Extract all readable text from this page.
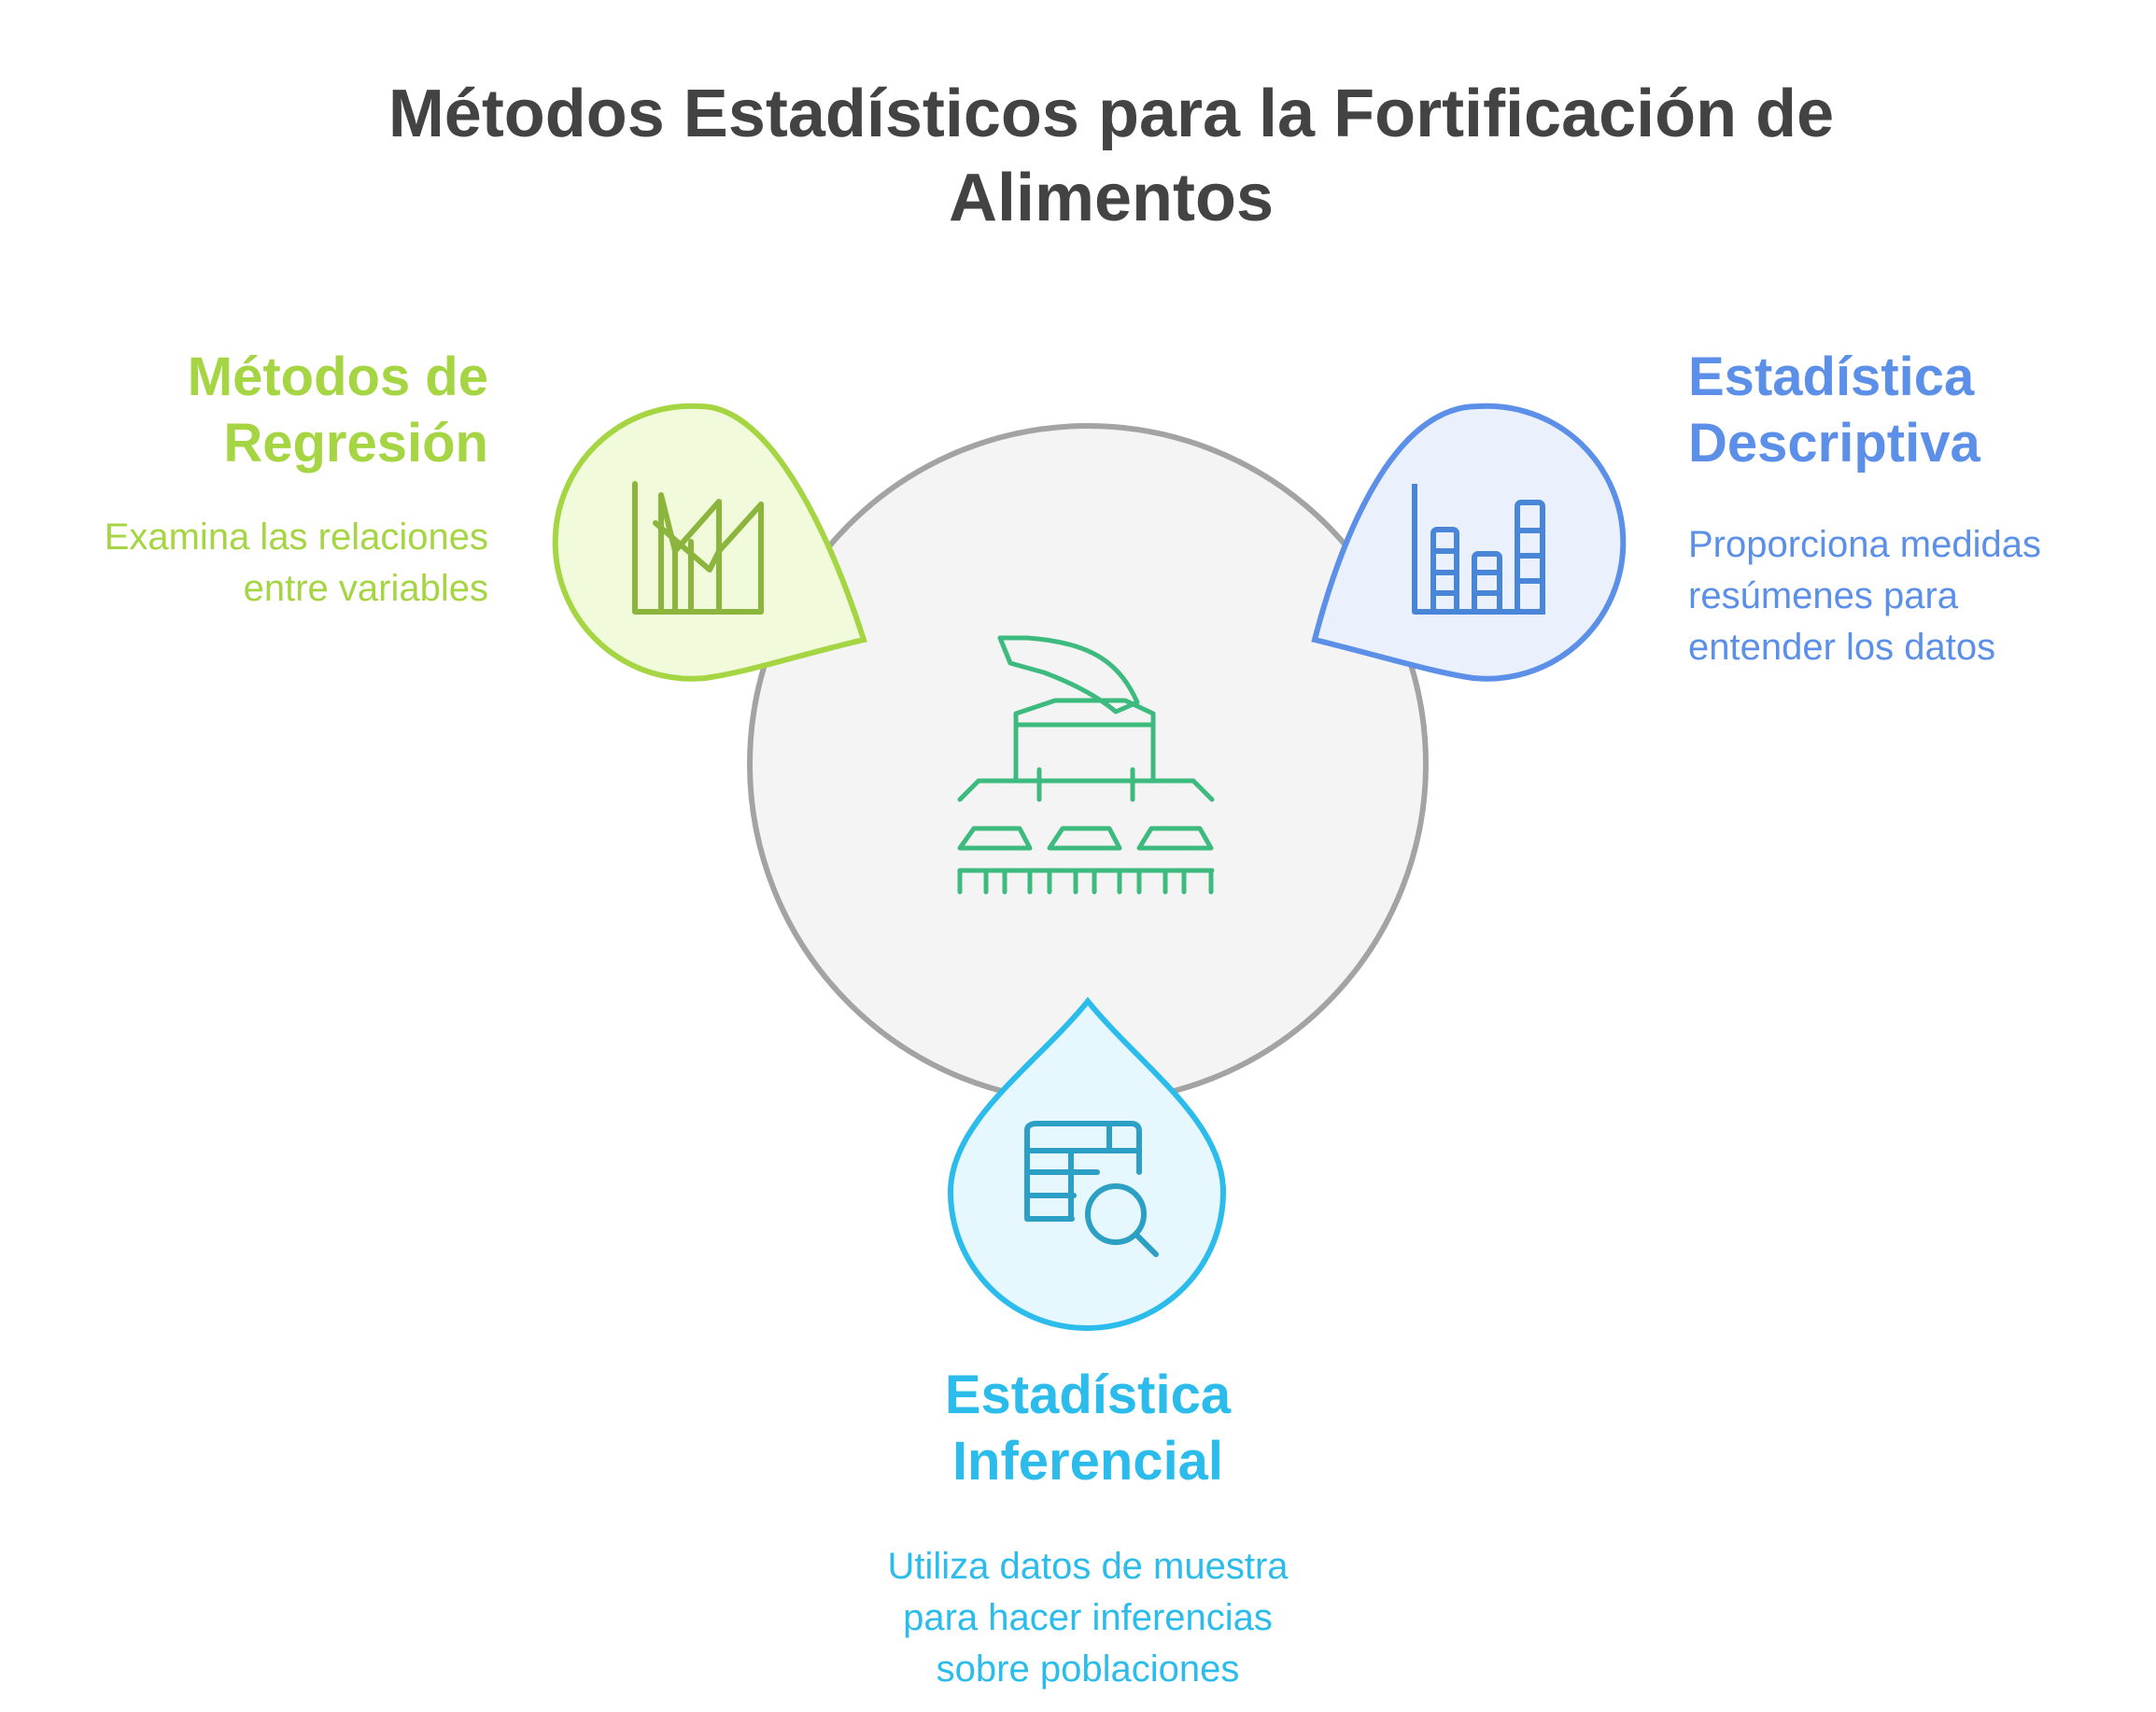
Métodos Estadísticos para la Fortificación de
Alimentos
Métodos de
Regresión
Examina las relaciones
entre variables
Estadística
Descriptiva
Proporciona medidas
resúmenes para
entender los datos
Estadística
Inferencial
Utiliza datos de muestra
para hacer inferencias
sobre poblaciones
